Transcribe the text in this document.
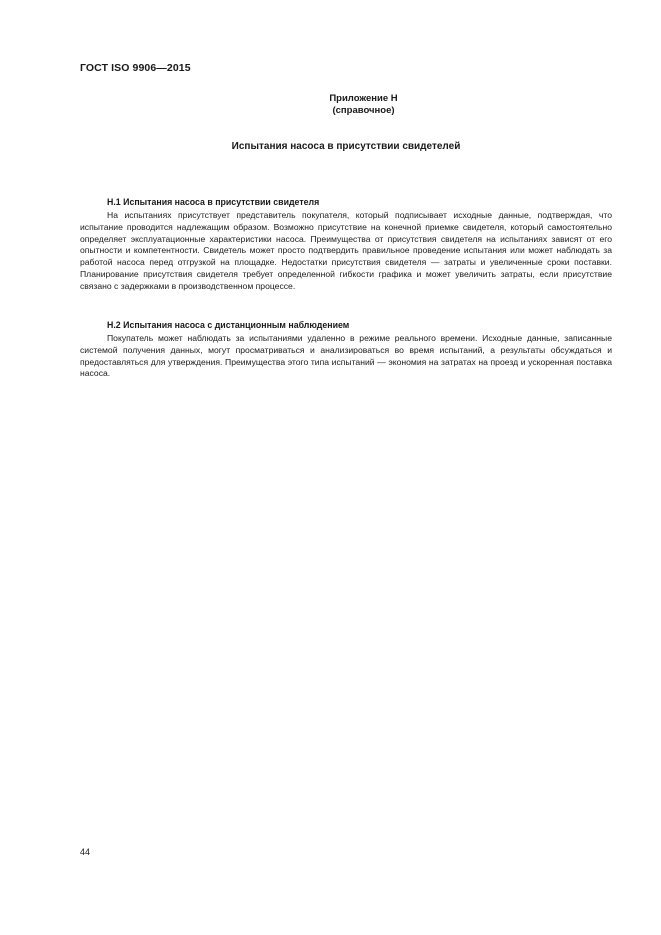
ГОСТ ISO 9906—2015
Приложение Н
(справочное)
Испытания насоса в присутствии свидетелей

Н.1 Испытания насоса в присутствии свидетеля

На испытаниях присутствует представитель покупателя, который подписывает исходные данные, подтверждая, что испытание проводится надлежащим образом. Возможно присутствие на конечной приемке свидетеля, который самостоятельно определяет эксплуатационные характеристики насоса. Преимущества от присутствия свидетеля на испытаниях зависят от его опытности и компетентности. Свидетель может просто подтвердить правильное проведение испытания или может наблюдать за работой насоса перед отгрузкой на площадке. Недостатки присутствия свидетеля — затраты и увеличенные сроки поставки. Планирование присутствия свидетеля требует определенной гибкости графика и может увеличить затраты, если присутствие связано с задержками в производственном процессе.

Н.2 Испытания насоса с дистанционным наблюдением

Покупатель может наблюдать за испытаниями удаленно в режиме реального времени. Исходные данные, записанные системой получения данных, могут просматриваться и анализироваться во время испытаний, а результаты обсуждаться и предоставляться для утверждения. Преимущества этого типа испытаний — экономия на затратах на проезд и ускоренная поставка насоса.

44
